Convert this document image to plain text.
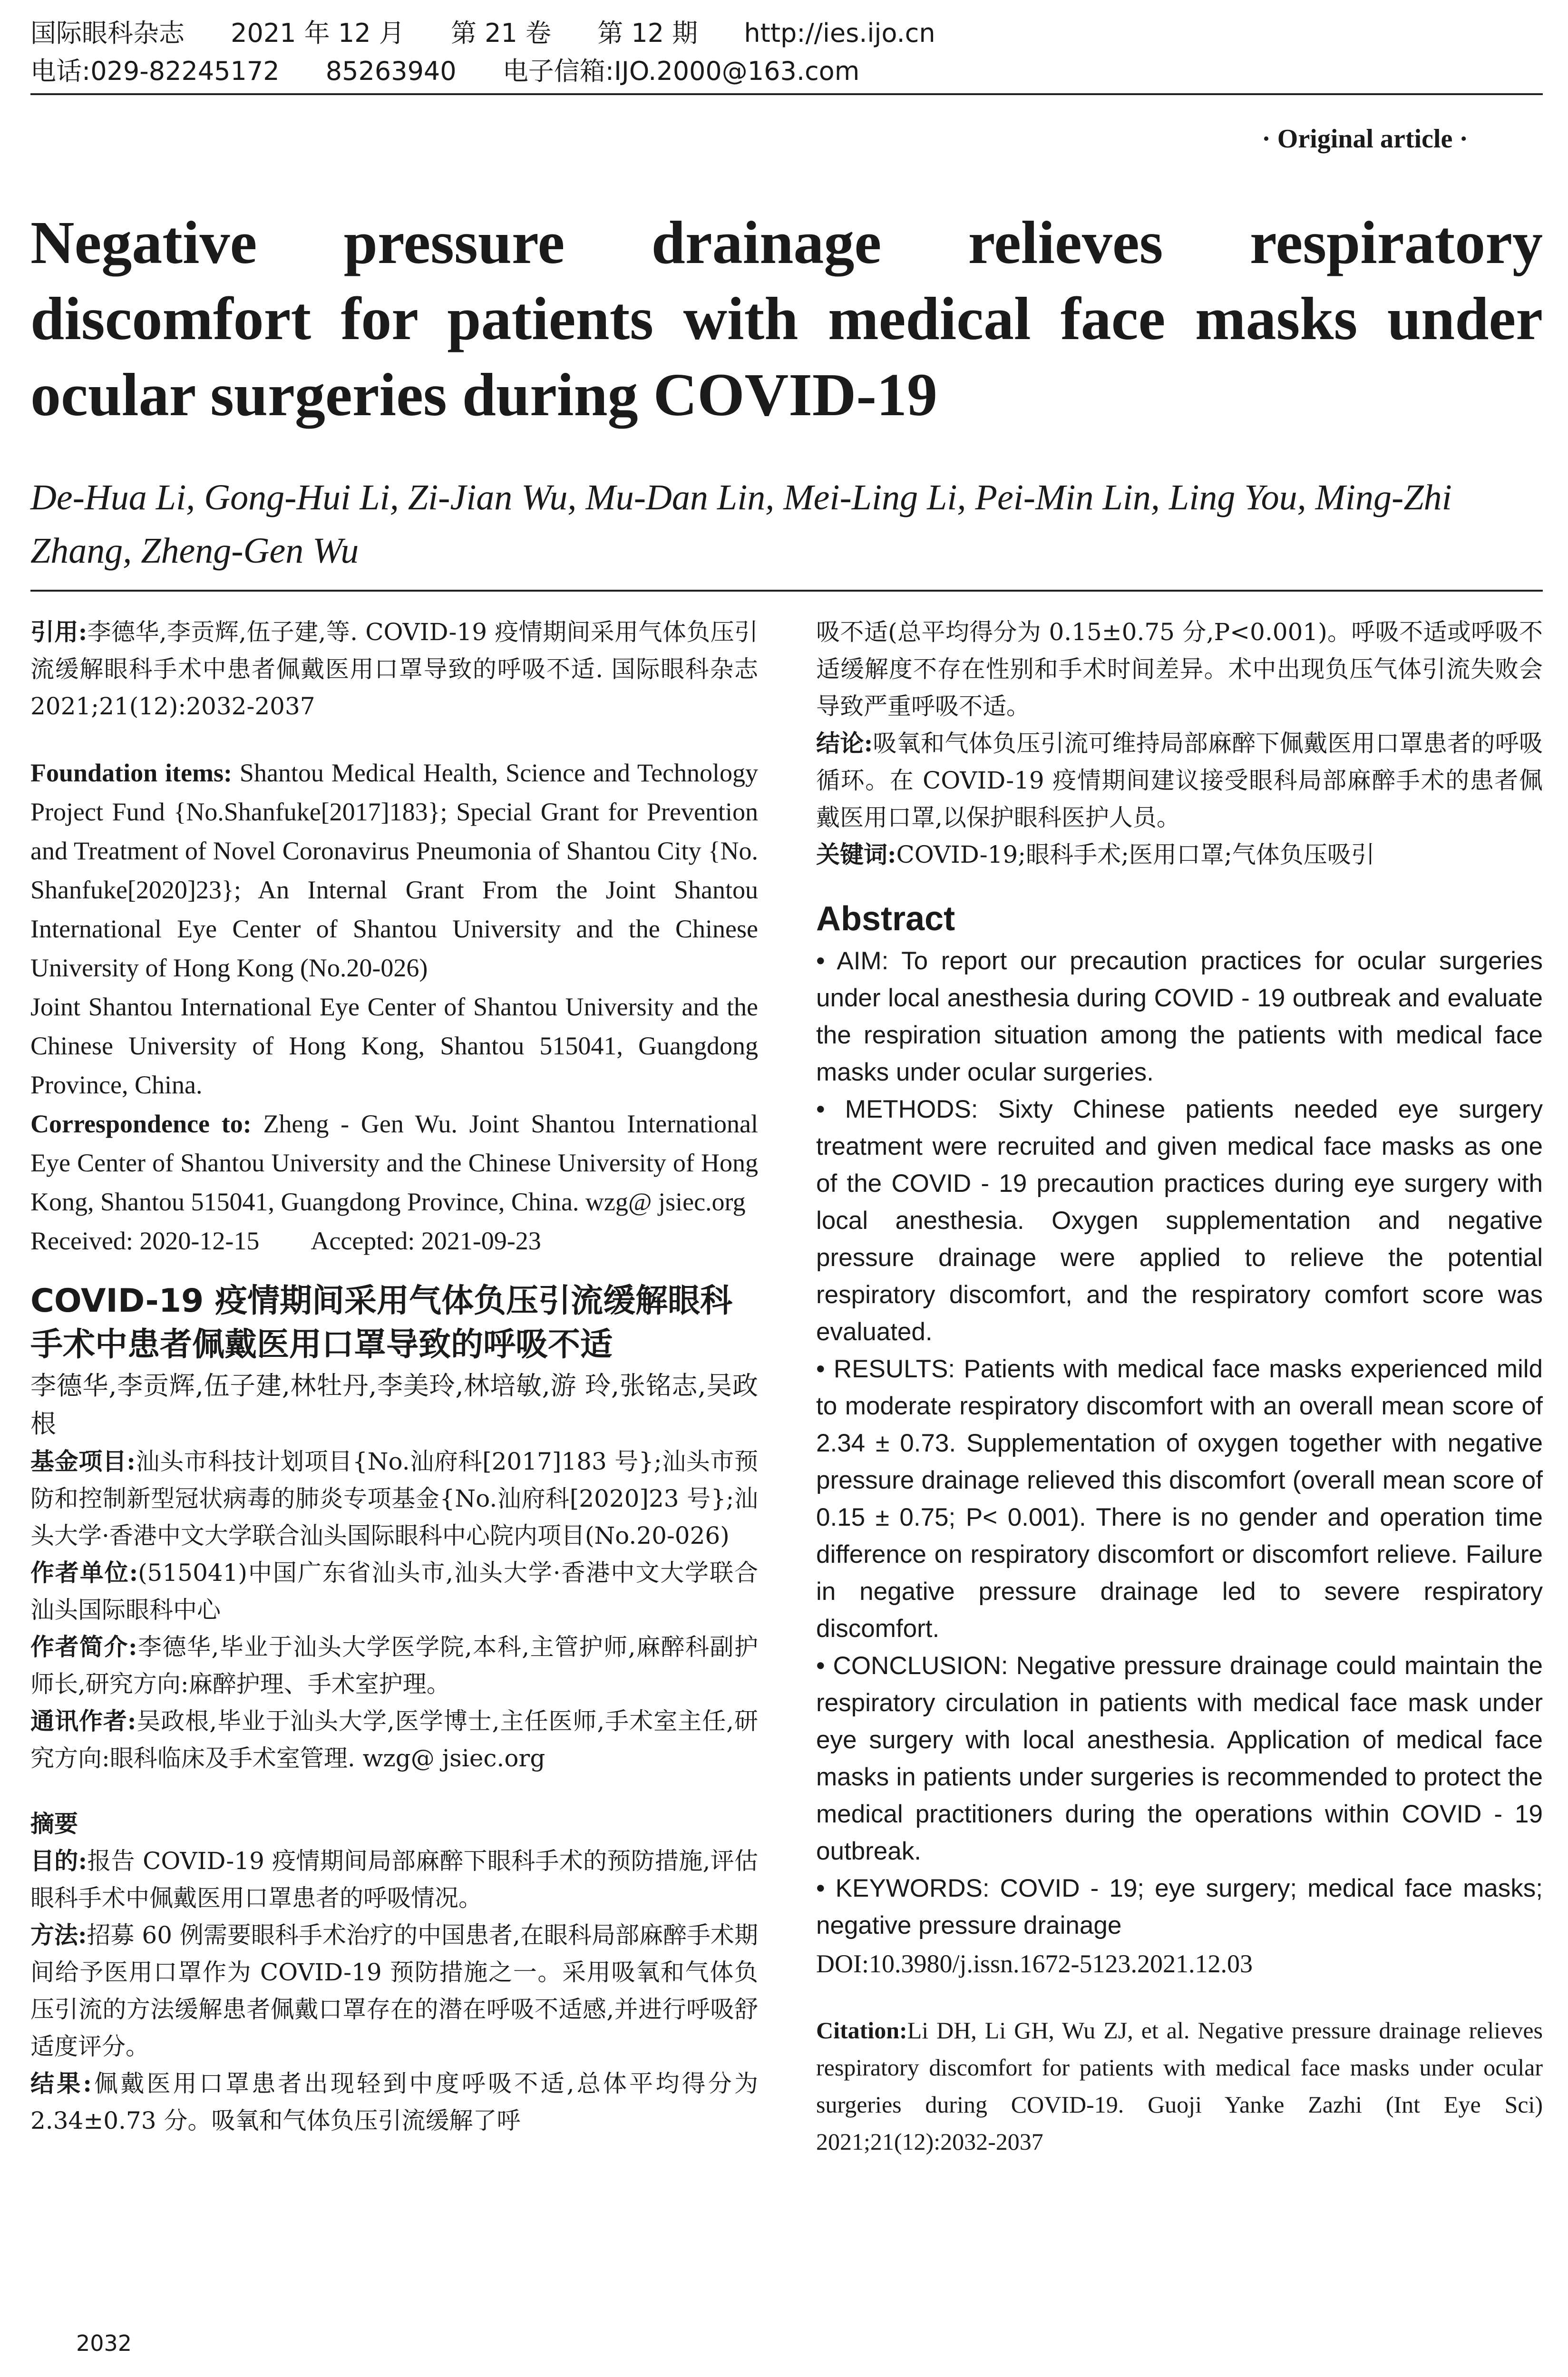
国际眼科杂志 2021 年 12 月 第 21 卷 第 12 期 http://ies.ijo.cn
电话:029-82245172 85263940 电子信箱:IJO.2000@163.com
· Original article ·
Negative pressure drainage relieves respiratory discomfort for patients with medical face masks under ocular surgeries during COVID-19
De-Hua Li, Gong-Hui Li, Zi-Jian Wu, Mu-Dan Lin, Mei-Ling Li, Pei-Min Lin, Ling You, Ming-Zhi Zhang, Zheng-Gen Wu

引用:李德华,李贡辉,伍子建,等. COVID-19 疫情期间采用气体负压引流缓解眼科手术中患者佩戴医用口罩导致的呼吸不适. 国际眼科杂志 2021;21(12):2032-2037

Foundation items: Shantou Medical Health, Science and Technology Project Fund {No.Shanfuke[2017]183}; Special Grant for Prevention and Treatment of Novel Coronavirus Pneumonia of Shantou City {No. Shanfuke[2020]23}; An Internal Grant From the Joint Shantou International Eye Center of Shantou University and the Chinese University of Hong Kong (No.20-026)

Joint Shantou International Eye Center of Shantou University and the Chinese University of Hong Kong, Shantou 515041, Guangdong Province, China.

Correspondence to: Zheng - Gen Wu. Joint Shantou International Eye Center of Shantou University and the Chinese University of Hong Kong, Shantou 515041, Guangdong Province, China. wzg@ jsiec.org

Received: 2020-12-15 Accepted: 2021-09-23

COVID-19 疫情期间采用气体负压引流缓解眼科手术中患者佩戴医用口罩导致的呼吸不适

李德华,李贡辉,伍子建,林牡丹,李美玲,林培敏,游 玲,张铭志,吴政根

基金项目:汕头市科技计划项目{No.汕府科[2017]183 号};汕头市预防和控制新型冠状病毒的肺炎专项基金{No.汕府科[2020]23 号};汕头大学·香港中文大学联合汕头国际眼科中心院内项目(No.20-026)

作者单位:(515041)中国广东省汕头市,汕头大学·香港中文大学联合汕头国际眼科中心

作者简介:李德华,毕业于汕头大学医学院,本科,主管护师,麻醉科副护师长,研究方向:麻醉护理、手术室护理。

通讯作者:吴政根,毕业于汕头大学,医学博士,主任医师,手术室主任,研究方向:眼科临床及手术室管理. wzg@ jsiec.org

摘要

目的:报告 COVID-19 疫情期间局部麻醉下眼科手术的预防措施,评估眼科手术中佩戴医用口罩患者的呼吸情况。

方法:招募 60 例需要眼科手术治疗的中国患者,在眼科局部麻醉手术期间给予医用口罩作为 COVID-19 预防措施之一。采用吸氧和气体负压引流的方法缓解患者佩戴口罩存在的潜在呼吸不适感,并进行呼吸舒适度评分。

结果:佩戴医用口罩患者出现轻到中度呼吸不适,总体平均得分为 2.34±0.73 分。吸氧和气体负压引流缓解了呼

吸不适(总平均得分为 0.15±0.75 分,P<0.001)。呼吸不适或呼吸不适缓解度不存在性别和手术时间差异。术中出现负压气体引流失败会导致严重呼吸不适。

结论:吸氧和气体负压引流可维持局部麻醉下佩戴医用口罩患者的呼吸循环。在 COVID-19 疫情期间建议接受眼科局部麻醉手术的患者佩戴医用口罩,以保护眼科医护人员。

关键词:COVID-19;眼科手术;医用口罩;气体负压吸引

Abstract

• AIM: To report our precaution practices for ocular surgeries under local anesthesia during COVID - 19 outbreak and evaluate the respiration situation among the patients with medical face masks under ocular surgeries.

• METHODS: Sixty Chinese patients needed eye surgery treatment were recruited and given medical face masks as one of the COVID - 19 precaution practices during eye surgery with local anesthesia. Oxygen supplementation and negative pressure drainage were applied to relieve the potential respiratory discomfort, and the respiratory comfort score was evaluated.

• RESULTS: Patients with medical face masks experienced mild to moderate respiratory discomfort with an overall mean score of 2.34 ± 0.73. Supplementation of oxygen together with negative pressure drainage relieved this discomfort (overall mean score of 0.15 ± 0.75; P< 0.001). There is no gender and operation time difference on respiratory discomfort or discomfort relieve. Failure in negative pressure drainage led to severe respiratory discomfort.

• CONCLUSION: Negative pressure drainage could maintain the respiratory circulation in patients with medical face mask under eye surgery with local anesthesia. Application of medical face masks in patients under surgeries is recommended to protect the medical practitioners during the operations within COVID - 19 outbreak.

• KEYWORDS: COVID - 19; eye surgery; medical face masks; negative pressure drainage

DOI:10.3980/j.issn.1672-5123.2021.12.03

Citation:Li DH, Li GH, Wu ZJ, et al. Negative pressure drainage relieves respiratory discomfort for patients with medical face masks under ocular surgeries during COVID-19. Guoji Yanke Zazhi (Int Eye Sci) 2021;21(12):2032-2037

2032
